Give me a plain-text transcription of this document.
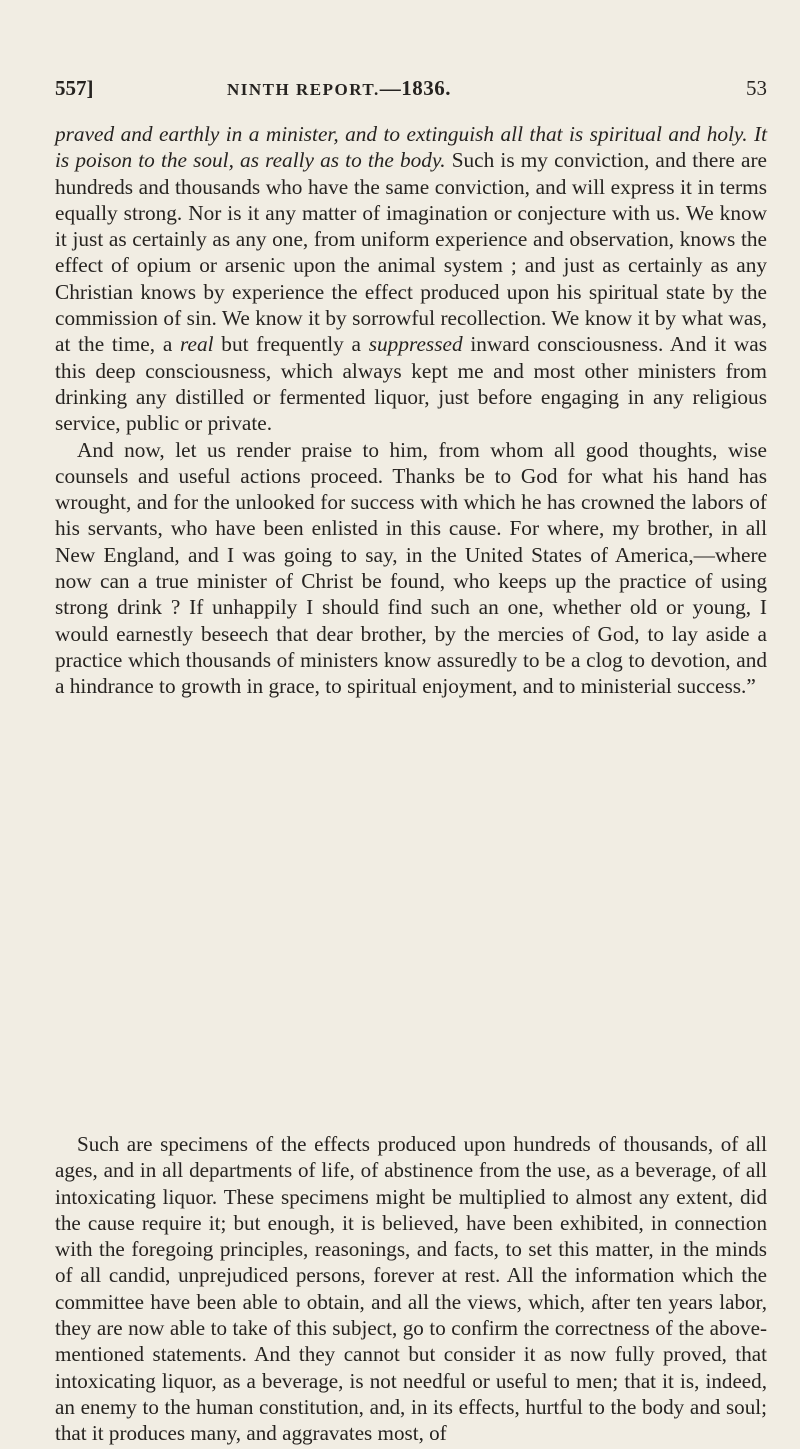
557]	NINTH REPORT.—1836.	53

praved and earthly in a minister, and to extinguish all that is spiritual and holy. It is poison to the soul, as really as to the body. Such is my conviction, and there are hundreds and thousands who have the same conviction, and will express it in terms equally strong. Nor is it any matter of imagination or conjecture with us. We know it just as certainly as any one, from uniform experience and observation, knows the effect of opium or arsenic upon the animal system ; and just as certainly as any Christian knows by experience the effect produced upon his spiritual state by the commission of sin. We know it by sorrowful recollection. We know it by what was, at the time, a real but frequently a suppressed inward consciousness. And it was this deep consciousness, which always kept me and most other ministers from drinking any distilled or fermented liquor, just before engaging in any religious service, public or private.

And now, let us render praise to him, from whom all good thoughts, wise counsels and useful actions proceed. Thanks be to God for what his hand has wrought, and for the unlooked for success with which he has crowned the labors of his servants, who have been enlisted in this cause. For where, my brother, in all New England, and I was going to say, in the United States of America,—where now can a true minister of Christ be found, who keeps up the practice of using strong drink ? If unhappily I should find such an one, whether old or young, I would earnestly beseech that dear brother, by the mercies of God, to lay aside a practice which thousands of ministers know assuredly to be a clog to devotion, and a hindrance to growth in grace, to spiritual enjoyment, and to ministerial success.”

Such are specimens of the effects produced upon hundreds of thousands, of all ages, and in all departments of life, of abstinence from the use, as a beverage, of all intoxicating liquor. These specimens might be multiplied to almost any extent, did the cause require it; but enough, it is believed, have been exhibited, in connection with the foregoing principles, reasonings, and facts, to set this matter, in the minds of all candid, unprejudiced persons, forever at rest. All the information which the committee have been able to obtain, and all the views, which, after ten years labor, they are now able to take of this subject, go to confirm the correctness of the above-mentioned statements. And they cannot but consider it as now fully proved, that intoxicating liquor, as a beverage, is not needful or useful to men; that it is, indeed, an enemy to the human constitution, and, in its effects, hurtful to the body and soul; that it produces many, and aggravates most, of
